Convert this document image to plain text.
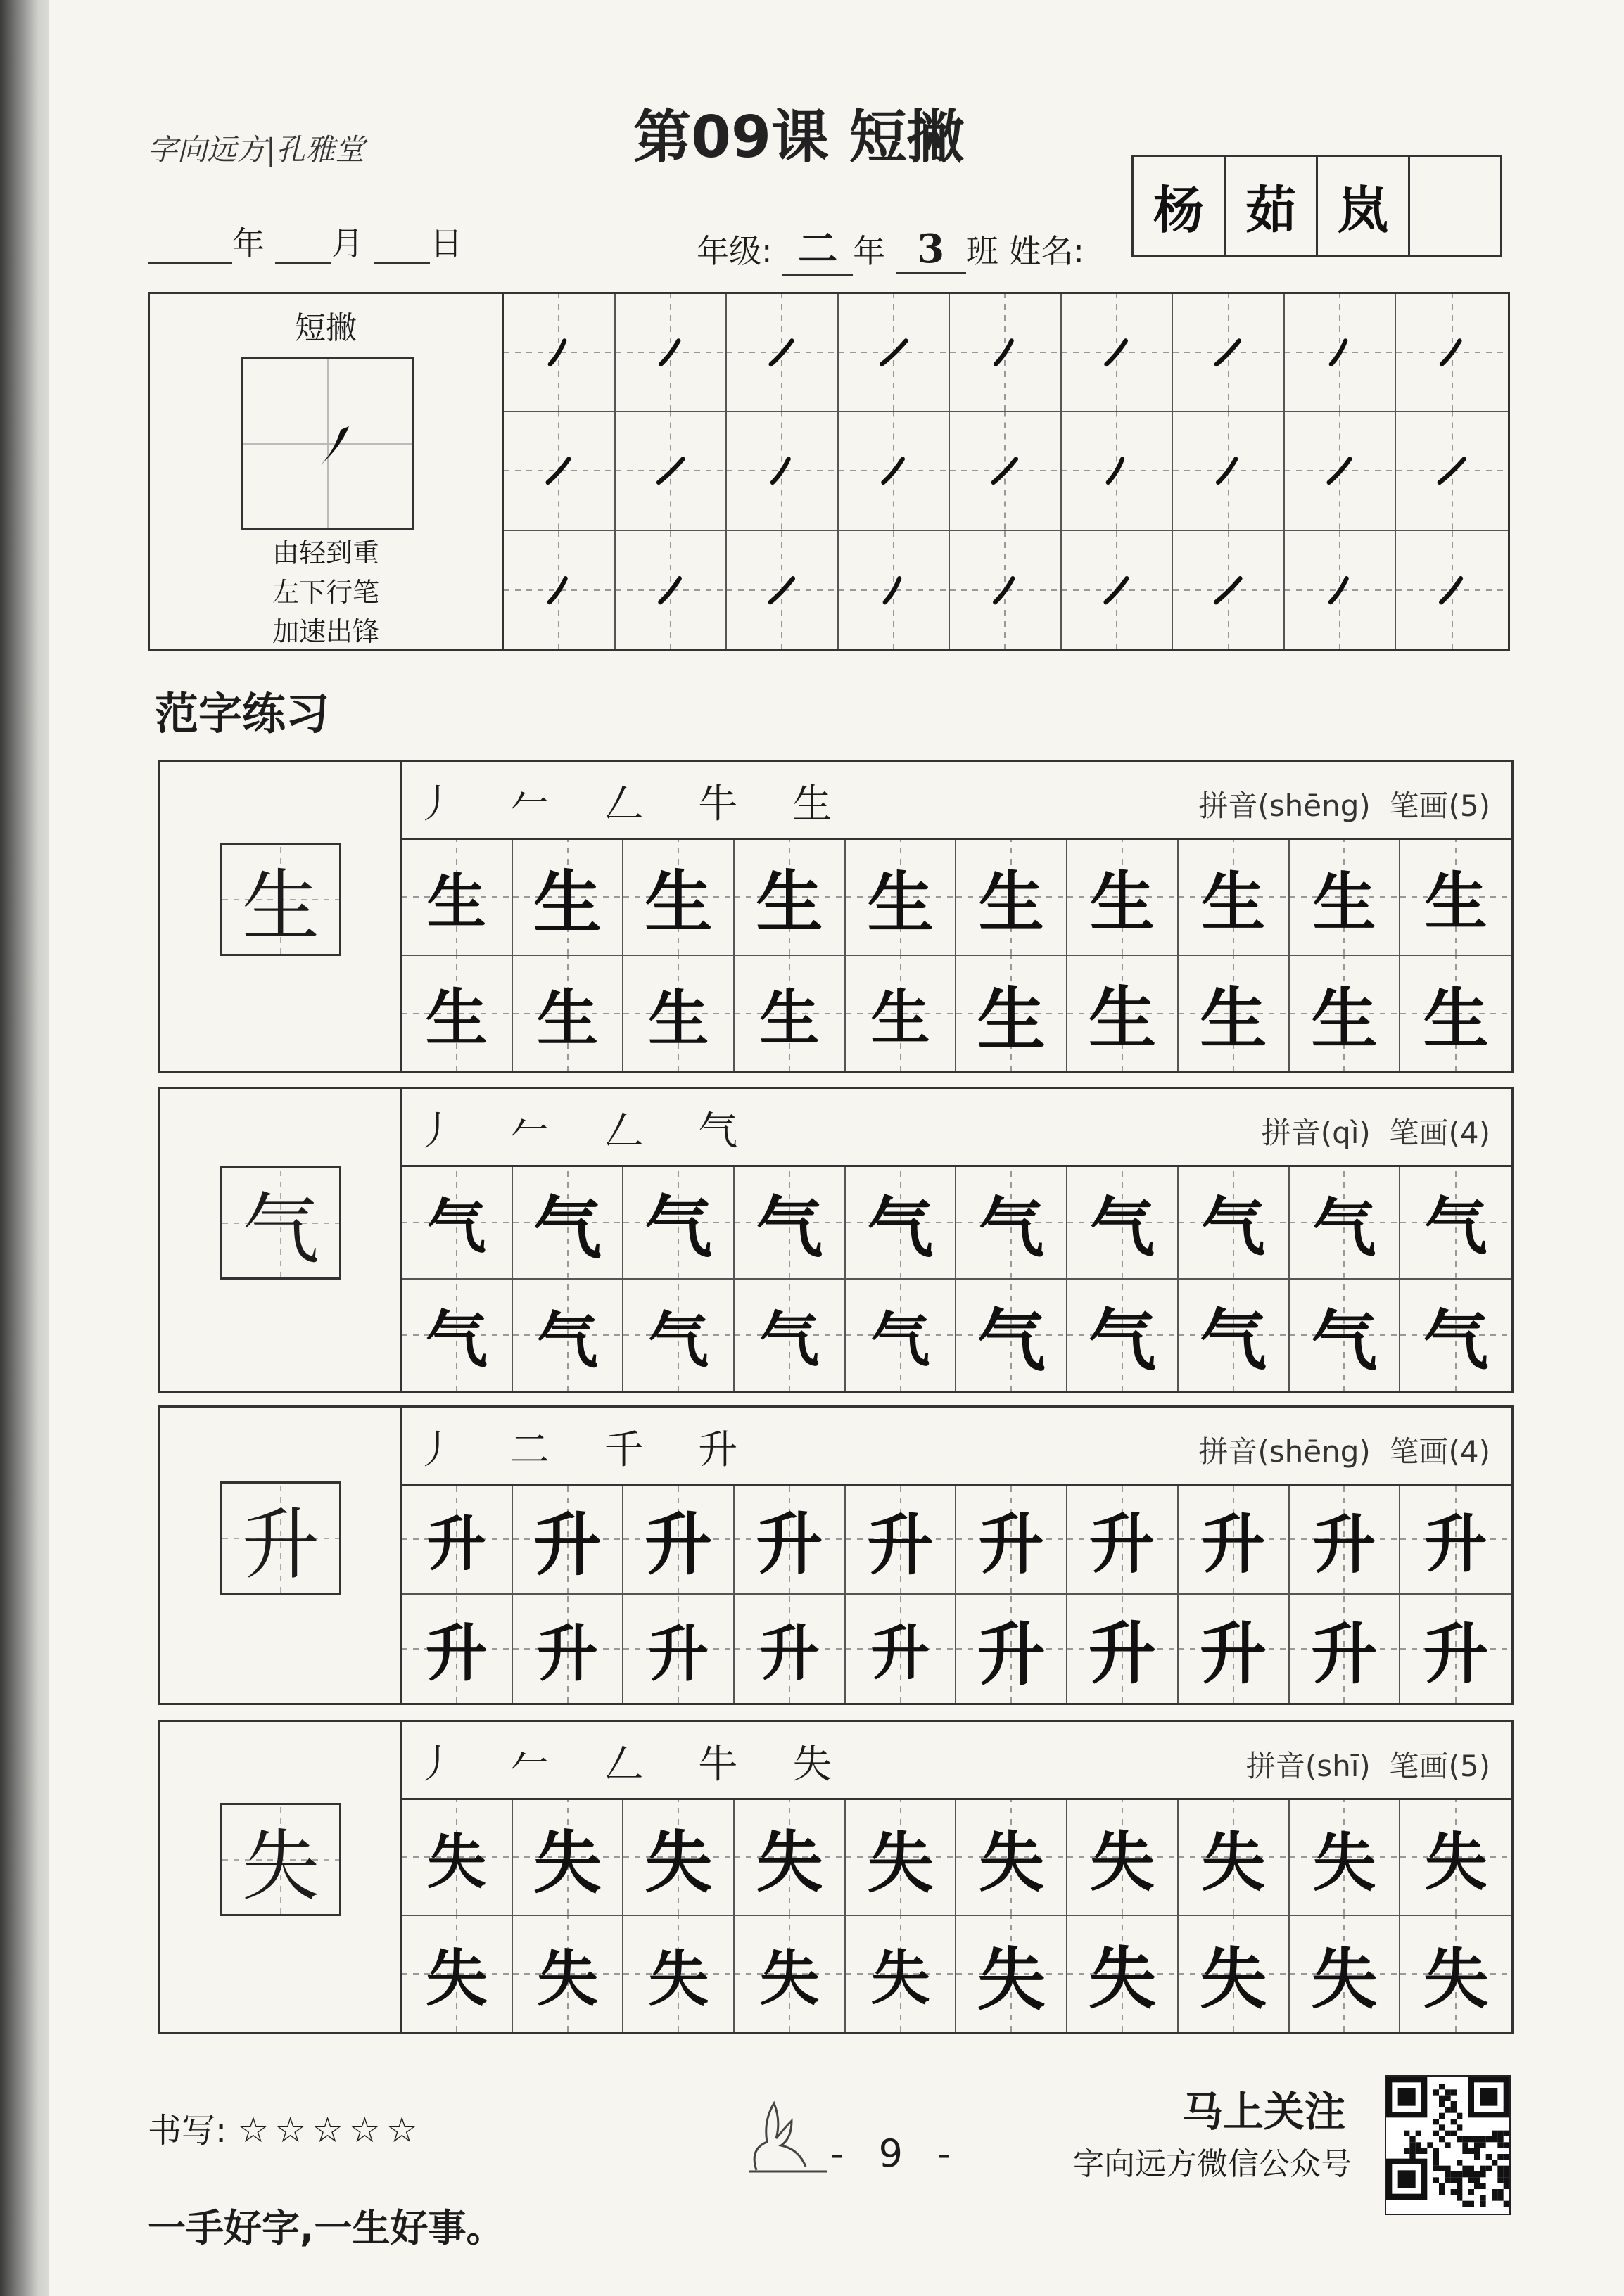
字向远方|孔雅堂	第09课 短撇
年 月 日	年级: 二 年 3 班 姓名:
杨 茹 岚
短撇
由轻到重
左下行笔
加速出锋
范字练习
生
丿 𠂉 𠃋 牛 生	拼音(shēng) 笔画(5)
生 生 生 生 生 生 生 生 生 生
生 生 生 生 生 生 生 生 生 生
气
丿 𠂉 𠃋 气	拼音(qì) 笔画(4)
气 气 气 气 气 气 气 气 气 气
气 气 气 气 气 气 气 气 气 气
升
丿 二 千 升	拼音(shēng) 笔画(4)
升 升 升 升 升 升 升 升 升 升
升 升 升 升 升 升 升 升 升 升
失
丿 𠂉 𠃋 牛 失	拼音(shī) 笔画(5)
失 失 失 失 失 失 失 失 失 失
失 失 失 失 失 失 失 失 失 失
书写: ☆☆☆☆☆
- 9 -
马上关注
字向远方微信公众号
一手好字,一生好事。
